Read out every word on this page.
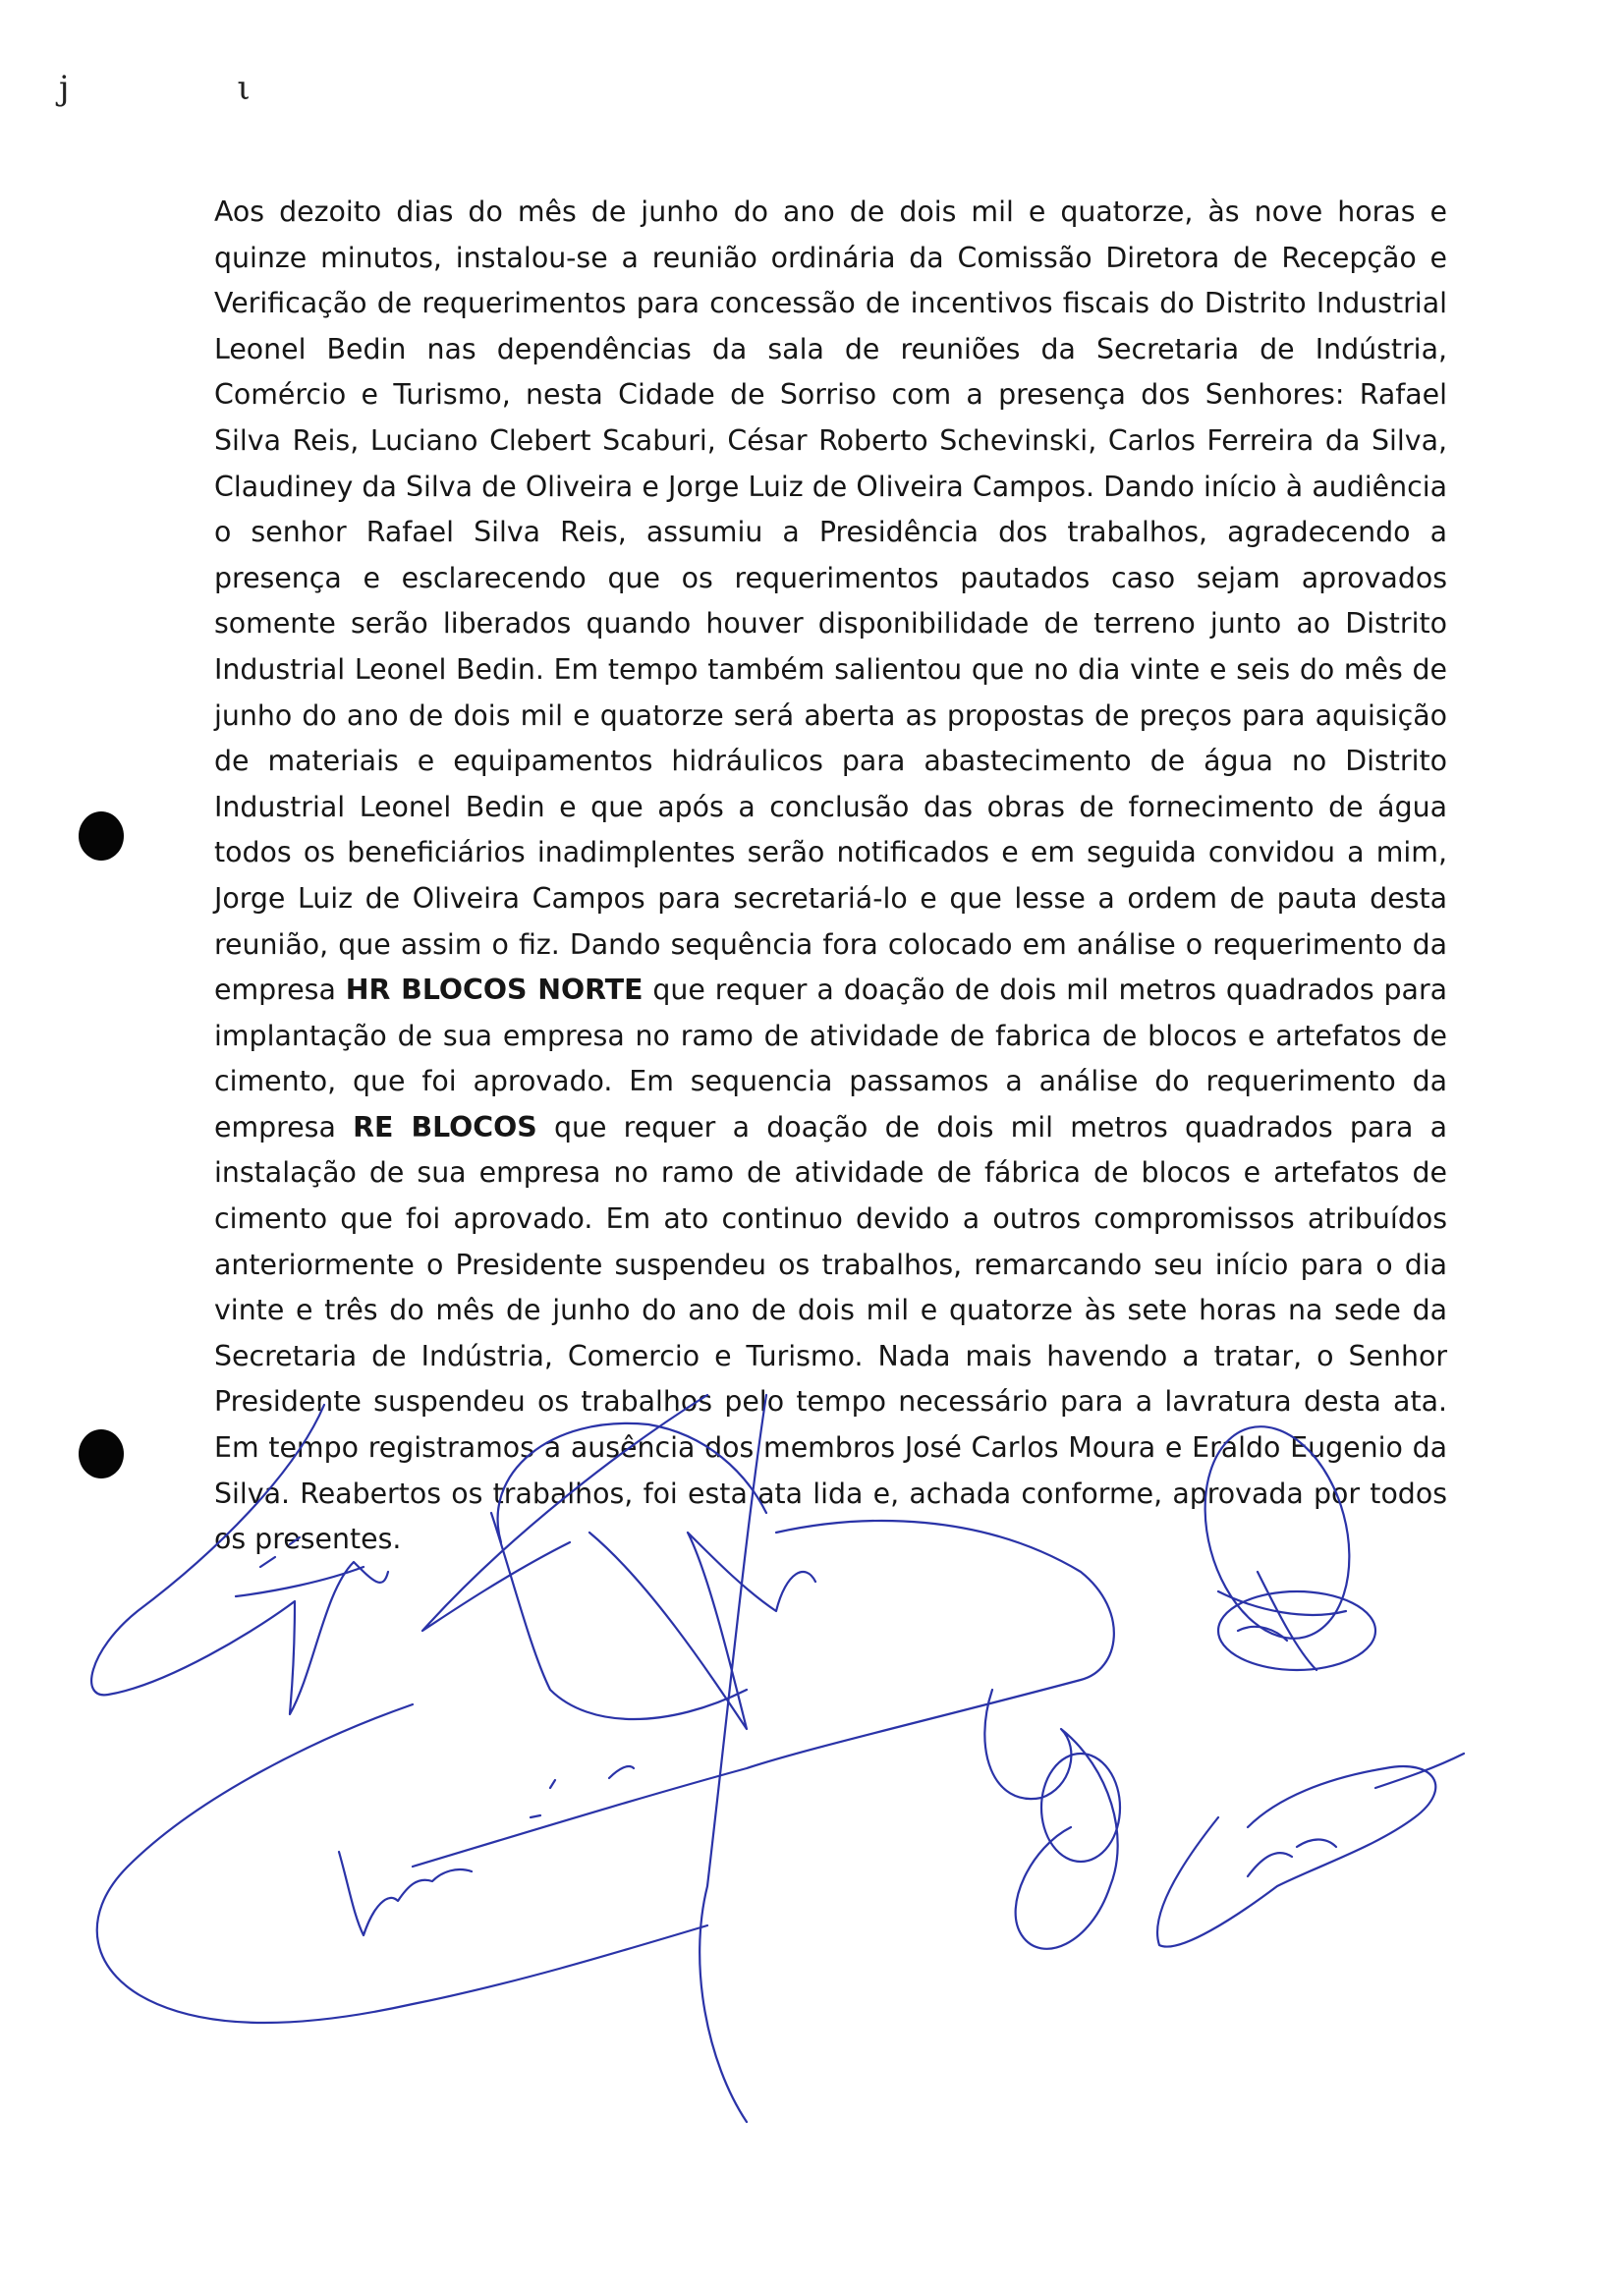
j ι

Aos dezoito dias do mês de junho do ano de dois mil e quatorze, às nove horas e quinze minutos, instalou-se a reunião ordinária da Comissão Diretora de Recepção e Verificação de requerimentos para concessão de incentivos fiscais do Distrito Industrial Leonel Bedin nas dependências da sala de reuniões da Secretaria de Indústria, Comércio e Turismo, nesta Cidade de Sorriso com a presença dos Senhores: Rafael Silva Reis, Luciano Clebert Scaburi, César Roberto Schevinski, Carlos Ferreira da Silva, Claudiney da Silva de Oliveira e Jorge Luiz de Oliveira Campos. Dando início à audiência o senhor Rafael Silva Reis, assumiu a Presidência dos trabalhos, agradecendo a presença e esclarecendo que os requerimentos pautados caso sejam aprovados somente serão liberados quando houver disponibilidade de terreno junto ao Distrito Industrial Leonel Bedin. Em tempo também salientou que no dia vinte e seis do mês de junho do ano de dois mil e quatorze será aberta as propostas de preços para aquisição de materiais e equipamentos hidráulicos para abastecimento de água no Distrito Industrial Leonel Bedin e que após a conclusão das obras de fornecimento de água todos os beneficiários inadimplentes serão notificados e em seguida convidou a mim, Jorge Luiz de Oliveira Campos para secretariá-lo e que lesse a ordem de pauta desta reunião, que assim o fiz. Dando sequência fora colocado em análise o requerimento da empresa HR BLOCOS NORTE que requer a doação de dois mil metros quadrados para implantação de sua empresa no ramo de atividade de fabrica de blocos e artefatos de cimento, que foi aprovado. Em sequencia passamos a análise do requerimento da empresa RE BLOCOS que requer a doação de dois mil metros quadrados para a instalação de sua empresa no ramo de atividade de fábrica de blocos e artefatos de cimento que foi aprovado. Em ato continuo devido a outros compromissos atribuídos anteriormente o Presidente suspendeu os trabalhos, remarcando seu início para o dia vinte e três do mês de junho do ano de dois mil e quatorze às sete horas na sede da Secretaria de Indústria, Comercio e Turismo. Nada mais havendo a tratar, o Senhor Presidente suspendeu os trabalhos pelo tempo necessário para a lavratura desta ata. Em tempo registramos a ausência dos membros José Carlos Moura e Eraldo Eugenio da Silva. Reabertos os trabalhos, foi esta ata lida e, achada conforme, aprovada por todos os presentes.
